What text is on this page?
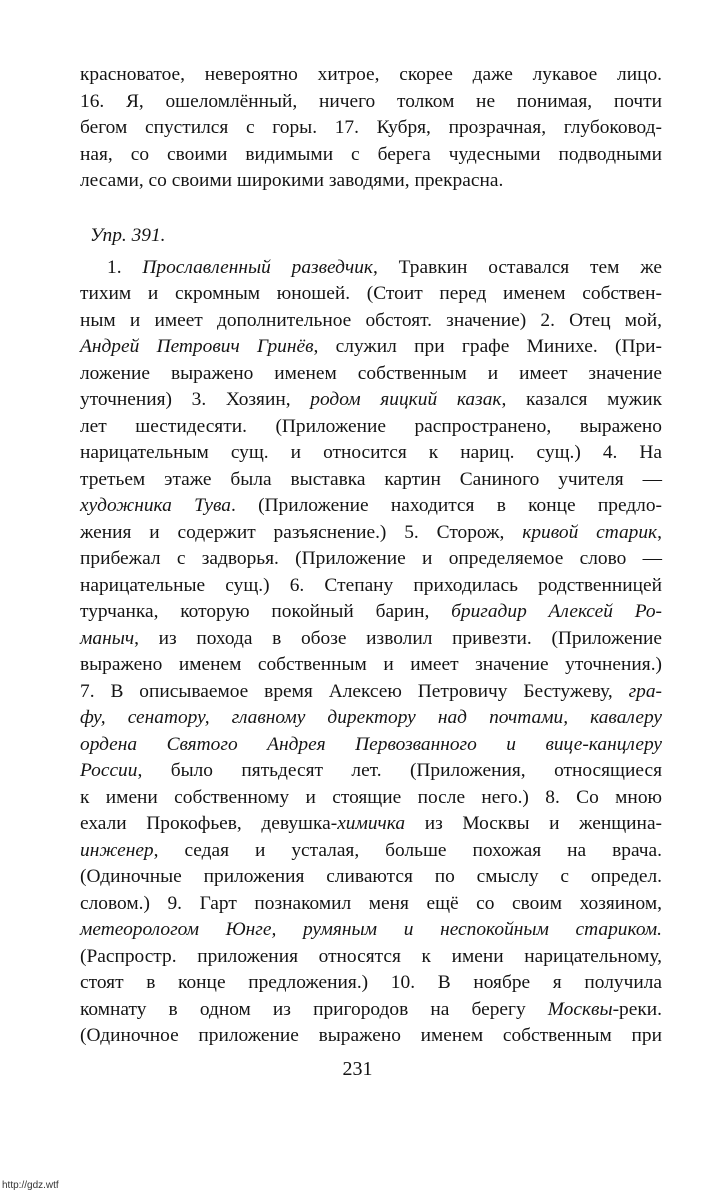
красноватое, невероятно хитрое, скорее даже лукавое лицо.
16. Я, ошеломлённый, ничего толком не понимая, почти
бегом спустился с горы. 17. Кубря, прозрачная, глубоковод-
ная, со своими видимыми с берега чудесными подводными
лесами, со своими широкими заводями, прекрасна.
Упр. 391.
1. Прославленный разведчик, Травкин оставался тем же
тихим и скромным юношей. (Стоит перед именем собствен-
ным и имеет дополнительное обстоят. значение) 2. Отец мой,
Андрей Петрович Гринёв, служил при графе Минихе. (При-
ложение выражено именем собственным и имеет значение
уточнения) 3. Хозяин, родом яицкий казак, казался мужик
лет шестидесяти. (Приложение распространено, выражено
нарицательным сущ. и относится к нариц. сущ.) 4. На
третьем этаже была выставка картин Саниного учителя —
художника Тува. (Приложение находится в конце предло-
жения и содержит разъяснение.) 5. Сторож, кривой старик,
прибежал с задворья. (Приложение и определяемое слово —
нарицательные сущ.) 6. Степану приходилась родственницей
турчанка, которую покойный барин, бригадир Алексей Ро-
маныч, из похода в обозе изволил привезти. (Приложение
выражено именем собственным и имеет значение уточнения.)
7. В описываемое время Алексею Петровичу Бестужеву, гра-
фу, сенатору, главному директору над почтами, кавалеру
ордена Святого Андрея Первозванного и вице-канцлеру
России, было пятьдесят лет. (Приложения, относящиеся
к имени собственному и стоящие после него.) 8. Со мною
ехали Прокофьев, девушка-химичка из Москвы и женщина-
инженер, седая и усталая, больше похожая на врача.
(Одиночные приложения сливаются по смыслу с определ.
словом.) 9. Гарт познакомил меня ещё со своим хозяином,
метеорологом Юнге, румяным и неспокойным стариком.
(Распростр. приложения относятся к имени нарицательному,
стоят в конце предложения.) 10. В ноябре я получила
комнату в одном из пригородов на берегу Москвы-реки.
(Одиночное приложение выражено именем собственным при
231
http://gdz.wtf
